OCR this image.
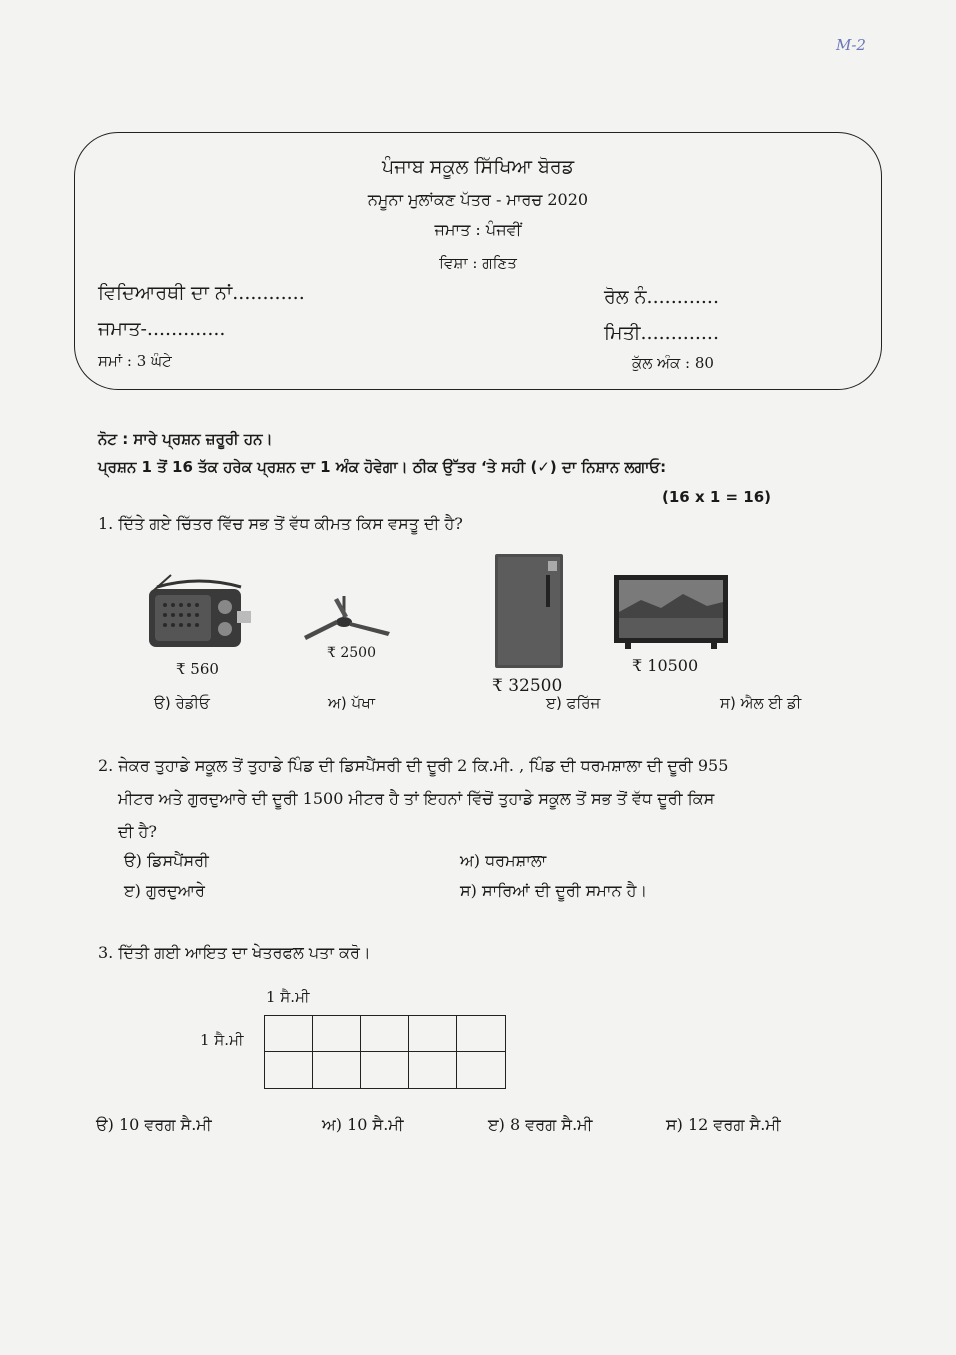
M-2
ਪੰਜਾਬ ਸਕੂਲ ਸਿੱਖਿਆ ਬੋਰਡ
ਨਮੂਨਾ ਮੁਲਾਂਕਣ ਪੱਤਰ - ਮਾਰਚ 2020
ਜਮਾਤ : ਪੰਜਵੀਂ
ਵਿਸ਼ਾ : ਗਣਿਤ
ਵਿਦਿਆਰਥੀ ਦਾ ਨਾਂ............	ਰੋਲ ਨੰ............
ਜਮਾਤ-.............	ਮਿਤੀ.............
ਸਮਾਂ : 3 ਘੰਟੇ	ਕੁੱਲ ਅੰਕ : 80
ਨੋਟ : ਸਾਰੇ ਪ੍ਰਸ਼ਨ ਜ਼ਰੂਰੀ ਹਨ।
ਪ੍ਰਸ਼ਨ 1 ਤੋਂ 16 ਤੱਕ ਹਰੇਕ ਪ੍ਰਸ਼ਨ ਦਾ 1 ਅੰਕ ਹੋਵੇਗਾ। ਠੀਕ ਉੱਤਰ ‘ਤੇ ਸਹੀ (✓) ਦਾ ਨਿਸ਼ਾਨ ਲਗਾਓ:
(16 x 1 = 16)
1. ਦਿੱਤੇ ਗਏ ਚਿੱਤਰ ਵਿੱਚ ਸਭ ਤੋਂ ਵੱਧ ਕੀਮਤ ਕਿਸ ਵਸਤੂ ਦੀ ਹੈ?
₹ 560
₹ 2500
₹ 32500
₹ 10500
ੳ) ਰੇਡੀਓ	ਅ) ਪੱਖਾ	ੲ) ਫਰਿੱਜ	ਸ) ਐਲ ਈ ਡੀ
2. ਜੇਕਰ ਤੁਹਾਡੇ ਸਕੂਲ ਤੋਂ ਤੁਹਾਡੇ ਪਿੰਡ ਦੀ ਡਿਸਪੈਂਸਰੀ ਦੀ ਦੂਰੀ 2 ਕਿ.ਮੀ. , ਪਿੰਡ ਦੀ ਧਰਮਸ਼ਾਲਾ ਦੀ ਦੂਰੀ 955
ਮੀਟਰ ਅਤੇ ਗੁਰਦੁਆਰੇ ਦੀ ਦੂਰੀ 1500 ਮੀਟਰ ਹੈ ਤਾਂ ਇਹਨਾਂ ਵਿੱਚੋਂ ਤੁਹਾਡੇ ਸਕੂਲ ਤੋਂ ਸਭ ਤੋਂ ਵੱਧ ਦੂਰੀ ਕਿਸ
ਦੀ ਹੈ?
ੳ) ਡਿਸਪੈਂਸਰੀ	ਅ) ਧਰਮਸ਼ਾਲਾ
ੲ) ਗੁਰਦੁਆਰੇ	ਸ) ਸਾਰਿਆਂ ਦੀ ਦੂਰੀ ਸਮਾਨ ਹੈ।
3. ਦਿੱਤੀ ਗਈ ਆਇਤ ਦਾ ਖੇਤਰਫਲ ਪਤਾ ਕਰੋ।
1 ਸੈ.ਮੀ
1 ਸੈ.ਮੀ
ੳ) 10 ਵਰਗ ਸੈ.ਮੀ	ਅ) 10 ਸੈ.ਮੀ	ੲ) 8 ਵਰਗ ਸੈ.ਮੀ	ਸ) 12 ਵਰਗ ਸੈ.ਮੀ
